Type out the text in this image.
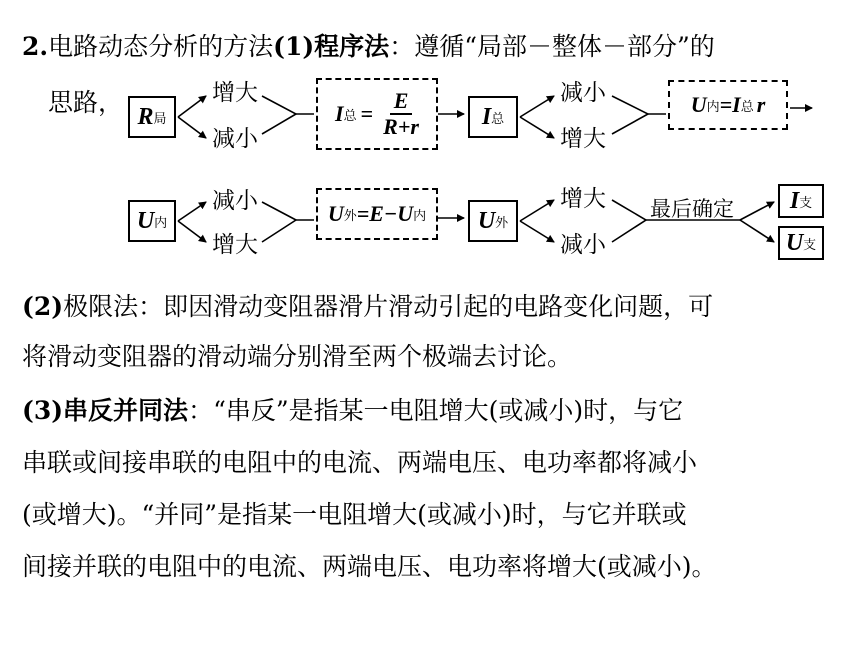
2.电路动态分析的方法(1)程序法：遵循“局部－整体－部分”的
思路， R 局
增大
减小
I 总 = $\frac{E}{R+r}$	I 总
减小
增大
U 内 =I 总 r
U 内
减小
增大
U 外 =E−U 内 U 外
增大
减小
最后确定 I 支
U 支
(2)极限法：即因滑动变阻器滑片滑动引起的电路变化问题，可
将滑动变阻器的滑动端分别滑至两个极端去讨论。
(3)串反并同法：“串反”是指某一电阻增大(或减小)时，与它
串联或间接串联的电阻中的电流、两端电压、电功率都将减小
(或增大)。“并同”是指某一电阻增大(或减小)时，与它并联或
间接并联的电阻中的电流、两端电压、电功率将增大(或减小)。
